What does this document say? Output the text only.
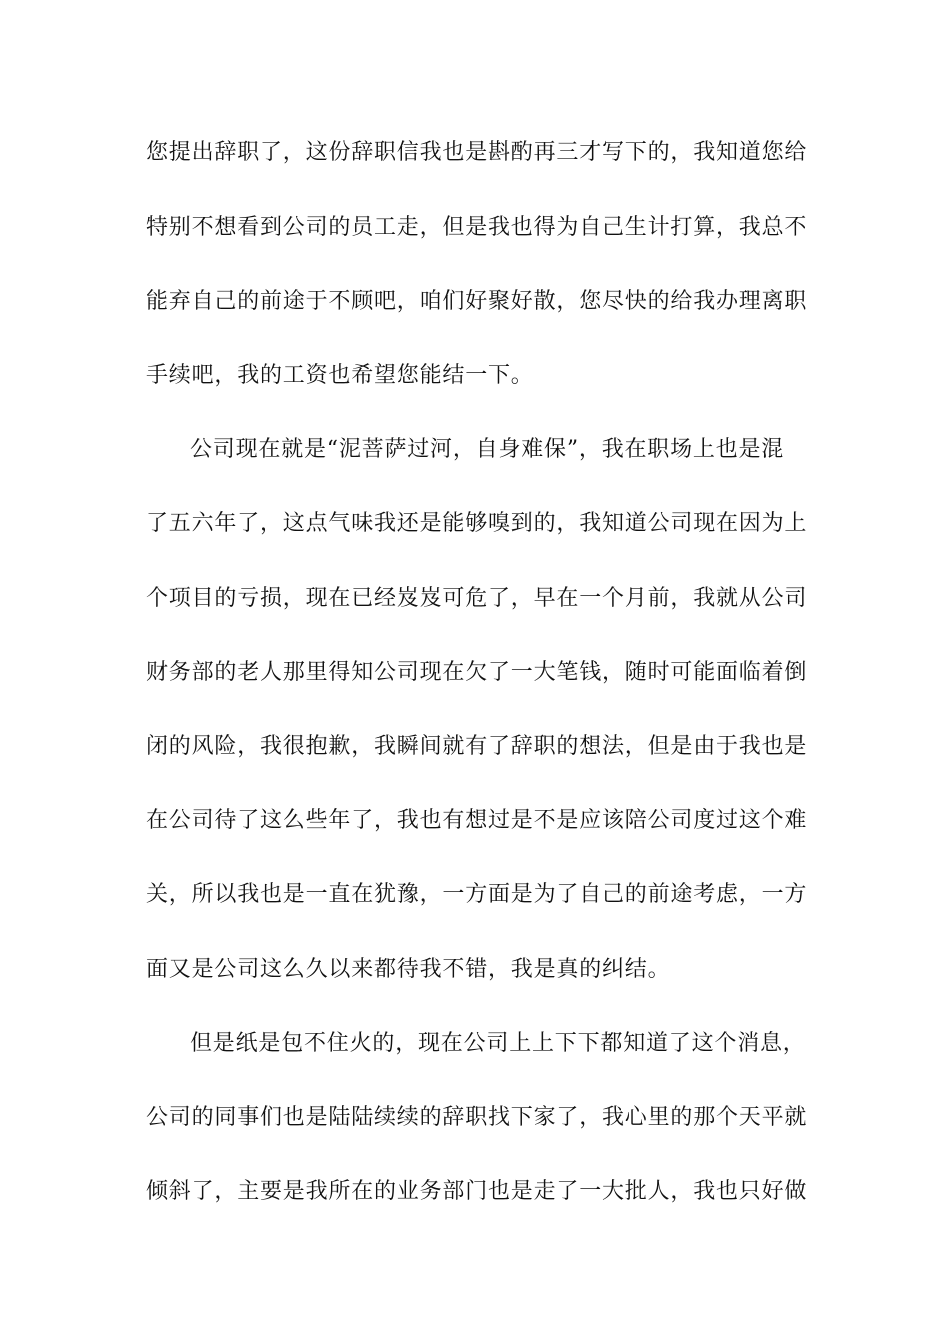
您提出辞职了，这份辞职信我也是斟酌再三才写下的，我知道您给
特别不想看到公司的员工走，但是我也得为自己生计打算，我总不
能弃自己的前途于不顾吧，咱们好聚好散，您尽快的给我办理离职
手续吧，我的工资也希望您能结一下。
公司现在就是“泥菩萨过河，自身难保”，我在职场上也是混
了五六年了，这点气味我还是能够嗅到的，我知道公司现在因为上
个项目的亏损，现在已经岌岌可危了，早在一个月前，我就从公司
财务部的老人那里得知公司现在欠了一大笔钱，随时可能面临着倒
闭的风险，我很抱歉，我瞬间就有了辞职的想法，但是由于我也是
在公司待了这么些年了，我也有想过是不是应该陪公司度过这个难
关，所以我也是一直在犹豫，一方面是为了自己的前途考虑，一方
面又是公司这么久以来都待我不错，我是真的纠结。
但是纸是包不住火的，现在公司上上下下都知道了这个消息，
公司的同事们也是陆陆续续的辞职找下家了，我心里的那个天平就
倾斜了，主要是我所在的业务部门也是走了一大批人，我也只好做
